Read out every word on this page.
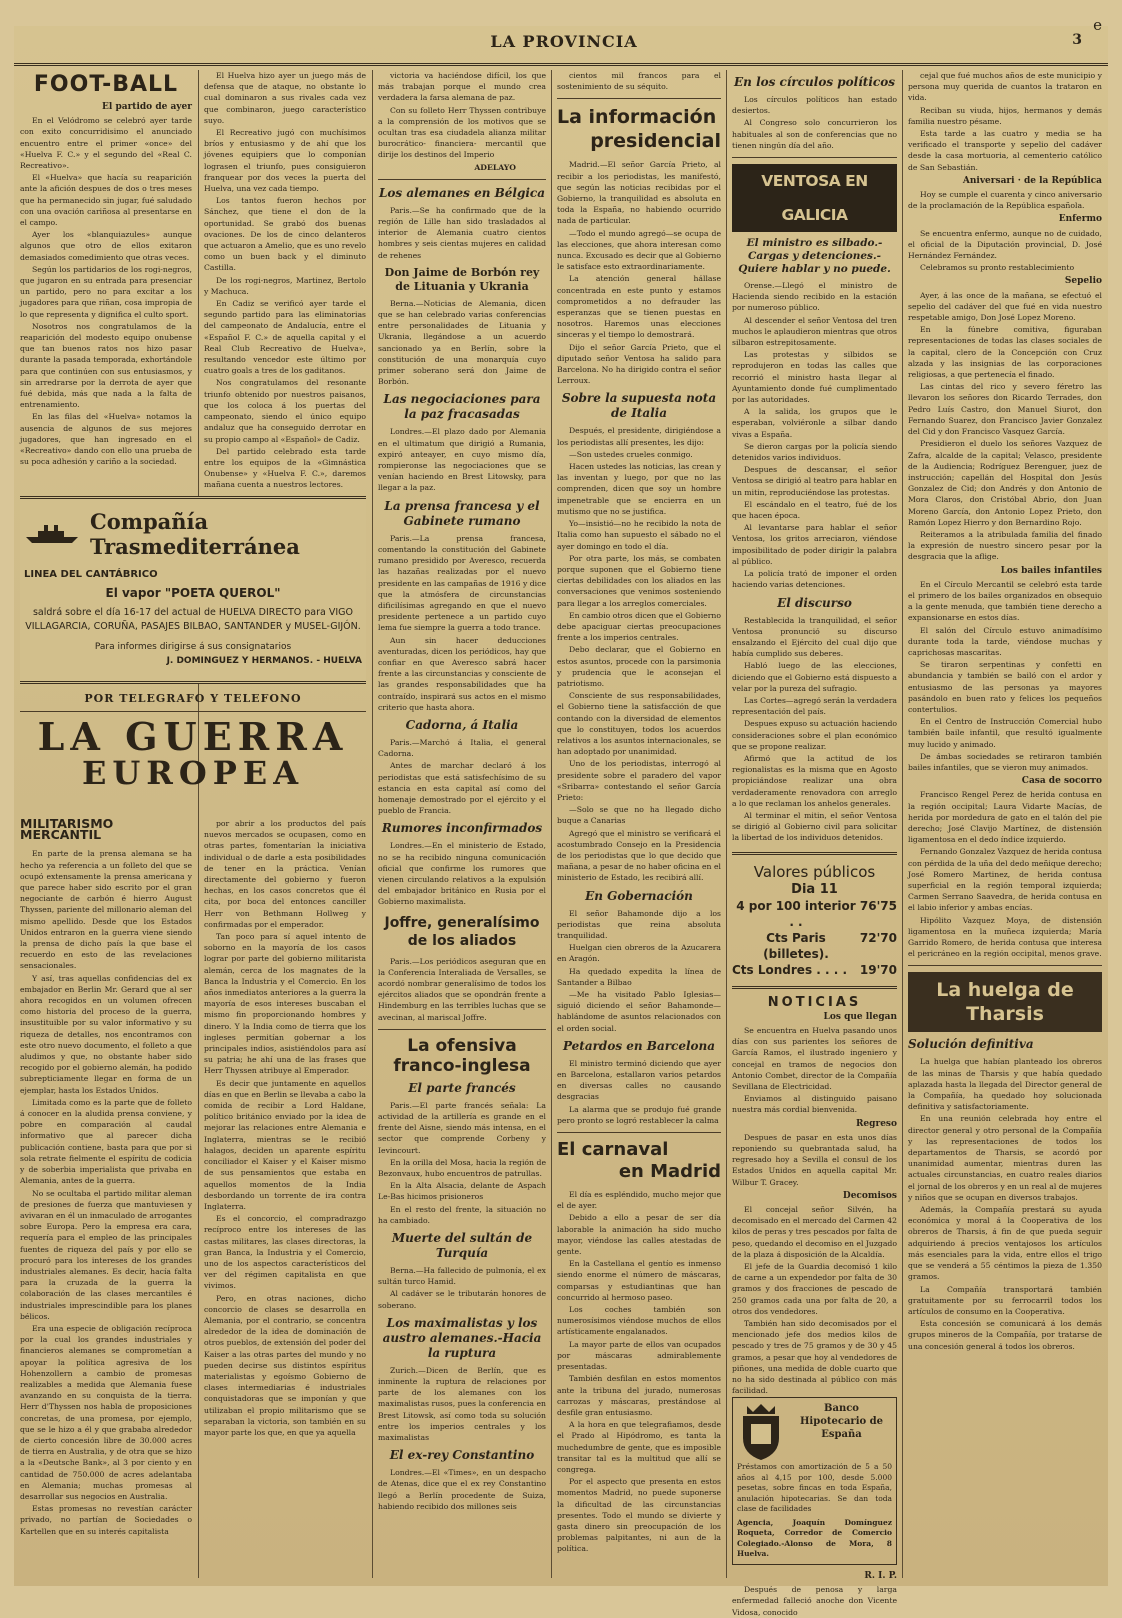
LA PROVINCIA	3
e
FOOT-BALL
El partido de ayer

En el Velódromo se celebró ayer tarde con exito concurridisimo el anunciado encuentro entre el primer «once» del «Huelva F. C.» y el segundo del «Real C. Recreativo».

El «Huelva» que hacía su reaparición ante la afición despues de dos o tres meses que ha permanecido sin jugar, fué saludado con una ovación cariñosa al presentarse en el campo.

Ayer los «blanquiazules» aunque algunos que otro de ellos exitaron demasiados comedimiento que otras veces.

Según los partidarios de los rogi-negros, que jugaron en su entrada para presenciar un partido, pero no para excitar a los jugadores para que riñan, cosa impropia de lo que representa y dignifica el culto sport.

Nosotros nos congratulamos de la reaparición del modesto equipo onubense que tan buenos ratos nos hizo pasar durante la pasada temporada, exhortándole para que continúen con sus entusiasmos, y sin arredrarse por la derrota de ayer que fué debida, más que nada a la falta de entrenamiento.

En las filas del «Huelva» notamos la ausencia de algunos de sus mejores jugadores, que han ingresado en el «Recreativo» dando con ello una prueba de su poca adhesión y cariño a la sociedad.

Compañía Trasmediterránea
LINEA DEL CANTÁBRICO
El vapor "POETA QUEROL"
saldrá sobre el día 16-17 del actual de HUELVA DIRECTO para VIGO VILLAGARCIA, CORUÑA, PASAJES BILBAO, SANTANDER y MUSEL-GIJÓN.
Para informes dirigirse á sus consignatarios
J. DOMINGUEZ Y HERMANOS. - HUELVA
POR TELEGRAFO Y TELEFONO
LA GUERRA
EUROPEA
MILITARISMO MERCANTIL

En parte de la prensa alemana se ha hecho ya referencia a un folleto del que se ocupó extensamente la prensa americana y que parece haber sido escrito por el gran negociante de carbón é hierro August Thyssen, pariente del millonario aleman del mismo apellido. Desde que los Estados Unidos entraron en la guerra viene siendo la prensa de dicho país la que base el recuerdo en esto de las revelaciones sensacionales.

Y así, tras aquellas confidencias del ex embajador en Berlin Mr. Gerard que al ser ahora recogidos en un volumen ofrecen como historia del proceso de la guerra, insustituible por su valor informativo y su riqueza de detalles, nos encontramos con este otro nuevo documento, el folleto a que aludimos y que, no obstante haber sido recogido por el gobierno alemán, ha podido subrepticiamente llegar en forma de un ejemplar, hasta los Estados Unidos.

Limitada como es la parte que de folleto á conocer en la aludida prensa conviene, y pobre en comparación al caudal informativo que al parecer dicha publicación contiene, basta para que por si sola retrate fielmente el espíritu de codicia y de soberbia imperialista que privaba en Alemania, antes de la guerra.

No se ocultaba el partido militar aleman de presiones de fuerza que mantuviesen y avivaran en él un inmaculado de arrogantes sobre Europa. Pero la empresa era cara, requería para el empleo de las principales fuentes de riqueza del país y por ello se procuró para los intereses de los grandes industriales alemanes. Es decir, hacía falta para la cruzada de la guerra la colaboración de las clases mercantiles é industriales imprescindible para los planes bélicos.

Era una especie de obligación recíproca por la cual los grandes industriales y financieros alemanes se comprometían a apoyar la política agresiva de los Hohenzollern a cambio de promesas realizables a medida que Alemania fuese avanzando en su conquista de la tierra. Herr d'Thyssen nos habla de proposiciones concretas, de una promesa, por ejemplo, que se le hizo a él y que grababa alrededor de cierto concesión libre de 30.000 acres de tierra en Australia, y de otra que se hizo a la «Deutsche Bank», al 3 por ciento y en cantidad de 750.000 de acres adelantaba en Alemania; muchas promesas al desarrollar sus negocios en Australia.

Estas promesas no revestían carácter privado, no partían de Sociedades o Kartellen que en su interés capitalista

El Huelva hizo ayer un juego más de defensa que de ataque, no obstante lo cual dominaron a sus rivales cada vez que combinaron, juego característico suyo.

El Recreativo jugó con muchísimos bríos y entusiasmo y de ahí que los jóvenes equipiers que lo componían lograsen el triunfo, pues consiguieron franquear por dos veces la puerta del Huelva, una vez cada tiempo.

Los tantos fueron hechos por Sánchez, que tiene el don de la oportunidad. Se grabó dos buenas ovaciones. De los de cinco delanteros que actuaron a Amelio, que es uno revelo como un buen back y el diminuto Castilla.

De los rogi-negros, Martinez, Bertolo y Machuca.

En Cadiz se verificó ayer tarde el segundo partido para las eliminatorias del campeonato de Andalucía, entre el «Español F. C.» de aquella capital y el Real Club Recreativo de Huelva», resultando vencedor este último por cuatro goals a tres de los gaditanos.

Nos congratulamos del resonante triunfo obtenido por nuestros paisanos, que los coloca á los puertas del campeonato, siendo el único equipo andaluz que ha conseguido derrotar en su propio campo al «Español» de Cadiz.

Del partido celebrado esta tarde entre los equipos de la «Gimnástica Onubense» y «Huelva F. C.», daremos mañana cuenta a nuestros lectores.

por abrir a los productos del país nuevos mercados se ocupasen, como en otras partes, fomentarían la iniciativa individual o de darle a esta posibilidades de tener en la práctica. Venían directamente del gobierno y fueron hechas, en los casos concretos que él cita, por boca del entonces canciller Herr von Bethmann Hollweg y confirmadas por el emperador.

Tan poco para sí aquel intento de soborno en la mayoría de los casos lograr por parte del gobierno militarista alemán, cerca de los magnates de la Banca la Industria y el Comercio. En los años inmediatos anteriores a la guerra la mayoría de esos intereses buscaban el mismo fin proporcionando hombres y dinero. Y la India como de tierra que los ingleses permitían gobernar a los principales indios, asistiéndolos para así su patria; he ahí una de las frases que Herr Thyssen atribuye al Emperador.

Es decir que juntamente en aquellos días en que en Berlin se llevaba a cabo la comida de recibir a Lord Haldane, político británico enviado por la idea de mejorar las relaciones entre Alemania e Inglaterra, mientras se le recibió halagos, deciden un aparente espíritu conciliador el Kaiser y el Kaiser mismo de sus pensamientos que estaba en aquellos momentos de la India desbordando un torrente de ira contra Inglaterra.

Es el concorcio, el compradrazgo recíproco entre los intereses de las castas militares, las clases directoras, la gran Banca, la Industria y el Comercio, uno de los aspectos característicos del ver del régimen capitalista en que vivimos.

Pero, en otras naciones, dicho concorcio de clases se desarrolla en Alemania, por el contrario, se concentra alrededor de la idea de dominación de otros pueblos, de extensión del poder del Kaiser a las otras partes del mundo y no pueden decirse sus distintos espíritus materialistas y egoísmo Gobierno de clases intermediarias é industriales conquistadoras que se imponían y que utilizaban el propio militarismo que se separaban la victoria, son también en su mayor parte los que, en que ya aquella

victoria va haciéndose difícil, los que más trabajan porque el mundo crea verdadera la farsa alemana de paz.

Con su folleto Herr Thyssen contribuye a la comprensión de los motivos que se ocultan tras esa ciudadela alianza militar burocrático- financiera- mercantil que dirije los destinos del Imperio

ADELAYO
Los alemanes en Bélgica

Paris.—Se ha confirmado que de la región de Lille han sido trasladados al interior de Alemania cuatro cientos hombres y seis cientas mujeres en calidad de rehenes

Don Jaime de Borbón rey de Lituania y Ukrania

Berna.—Noticias de Alemania, dicen que se han celebrado varias conferencias entre personalidades de Lituania y Ukrania, llegándose a un acuerdo sancionado ya en Berlín, sobre la constitución de una monarquía cuyo primer soberano será don Jaime de Borbón.

Las negociaciones para la paz fracasadas

Londres.—El plazo dado por Alemania en el ultimatum que dirigió a Rumania, expiró anteayer, en cuyo mismo día, rompieronse las negociaciones que se venían haciendo en Brest Litowsky, para llegar a la paz.

La prensa francesa y el Gabinete rumano

Paris.—La prensa francesa, comentando la constitución del Gabinete rumano presidido por Averesco, recuerda las hazañas realizadas por el nuevo presidente en las campañas de 1916 y dice que la atmósfera de circunstancias dificilísimas agregando en que el nuevo presidente pertenece a un partido cuyo lema fue siempre la guerra a todo trance.

Aun sin hacer deducciones aventuradas, dicen los periódicos, hay que confiar en que Averesco sabrá hacer frente a las circunstancias y consciente de las grandes responsabilidades que ha contraído, inspirará sus actos en el mismo criterio que hasta ahora.

Cadorna, á Italia

Paris.—Marchó á Italia, el general Cadorna.

Antes de marchar declaró á los periodistas que está satisfechísimo de su estancia en esta capital así como del homenaje demostrado por el ejército y el pueblo de Francia.

Rumores inconfirmados

Londres.—En el ministerio de Estado, no se ha recibido ninguna comunicación oficial que confirme los rumores que vienen circulando relativos a la expulsión del embajador británico en Rusia por el Gobierno maximalista.

Joffre, generalísimo de los aliados

Paris.—Los periódicos aseguran que en la Conferencia Interaliada de Versalles, se acordó nombrar generalísimo de todos los ejércitos aliados que se opondrán frente a Hindemburg en las terribles luchas que se avecinan, al mariscal Joffre.

La ofensiva franco-inglesa
El parte francés

Paris.—El parte francés señala: La actividad de la artillería es grande en el frente del Aisne, siendo más intensa, en el sector que comprende Corbeny y Ievincourt.

En la orilla del Mosa, hacia la región de Bezonvaux, hubo encuentros de patrullas.

En la Alta Alsacia, delante de Aspach Le-Bas hicimos prisioneros

En el resto del frente, la situación no ha cambiado.

Muerte del sultán de Turquía

Berna.—Ha fallecido de pulmonía, el ex sultán turco Hamid.

Al cadáver se le tributarán honores de soberano.

Los maximalistas y los austro alemanes.-Hacia la ruptura

Zurich.—Dicen de Berlín, que es inminente la ruptura de relaciones por parte de los alemanes con los maximalistas rusos, pues la conferencia en Brest Litowsk, así como toda su solución entre los imperios centrales y los maximalistas

El ex-rey Constantino

Londres.—El «Times», en un despacho de Atenas, dice que el ex rey Constantino llegó a Berlín procedente de Suiza, habiendo recibido dos millones seis

cientos mil francos para el sostenimiento de su séquito.

La información
presidencial

Madrid.—El señor García Prieto, al recibir a los periodistas, les manifestó, que según las noticias recibidas por el Gobierno, la tranquilidad es absoluta en toda la España, no habiendo ocurrido nada de particular.

—Todo el mundo agregó—se ocupa de las elecciones, que ahora interesan como nunca. Excusado es decir que al Gobierno le satisface esto extraordinariamente.

La atención general hállase concentrada en este punto y estamos comprometidos a no defrauder las esperanzas que se tienen puestas en nosotros. Haremos unas elecciones sinceras y el tiempo lo demostrará.

Dijo el señor García Prieto, que el diputado señor Ventosa ha salido para Barcelona. No ha dirigido contra el señor Lerroux.

Sobre la supuesta nota de Italia

Después, el presidente, dirigiéndose a los periodistas allí presentes, les dijo:

—Son ustedes crueles conmigo.

Hacen ustedes las noticias, las crean y las inventan y luego, por que no las comprenden, dicen que soy un hombre impenetrable que se encierra en un mutismo que no se justifica.

Yo—insistió—no he recibido la nota de Italia como han supuesto el sábado no el ayer domingo en todo el día.

Por otra parte, los más, se combaten porque suponen que el Gobierno tiene ciertas debilidades con los aliados en las conversaciones que venimos sosteniendo para llegar a los arreglos comerciales.

En cambio otros dicen que el Gobierno debe apaciguar ciertas preocupaciones frente a los imperios centrales.

Debo declarar, que el Gobierno en estos asuntos, procede con la parsimonia y prudencia que le aconsejan el patriotismo.

Consciente de sus responsabilidades, el Gobierno tiene la satisfacción de que contando con la diversidad de elementos que lo constituyen, todos los acuerdos relativos a los asuntos internacionales, se han adoptado por unanimidad.

Uno de los periodistas, interrogó al presidente sobre el paradero del vapor «Sribarra» contestando el señor García Prieto:

—Solo se que no ha llegado dicho buque a Canarias

Agregó que el ministro se verificará el acostumbrado Consejo en la Presidencia de los periodistas que lo que decido que mañana, a pesar de no haber oficina en el ministerio de Estado, les recibirá allí.

En Gobernación

El señor Bahamonde dijo a los periodistas que reina absoluta tranquilidad.

Huelgan cien obreros de la Azucarera en Aragón.

Ha quedado expedita la línea de Santander a Bilbao

—Me ha visitado Pablo Iglesias—siguió diciendo el señor Bahamonde—hablándome de asuntos relacionados con el orden social.

Petardos en Barcelona

El ministro terminó diciendo que ayer en Barcelona, estallaron varios petardos en diversas calles no causando desgracias

La alarma que se produjo fué grande pero pronto se logró restablecer la calma

El carnaval
en Madrid

El día es espléndido, mucho mejor que el de ayer.

Debido a ello a pesar de ser día laborable la animación ha sido mucho mayor, viéndose las calles atestadas de gente.

En la Castellana el gentío es inmenso siendo enorme el número de máscaras, comparsas y estudiantinas que han concurrido al hermoso paseo.

Los coches también son numerosísimos viéndose muchos de ellos artísticamente engalanados.

La mayor parte de ellos van ocupados por máscaras admirablemente presentadas.

También desfilan en estos momentos ante la tribuna del jurado, numerosas carrozas y máscaras, prestándose al desfile gran entusiasmo.

A la hora en que telegrafiamos, desde el Prado al Hipódromo, es tanta la muchedumbre de gente, que es imposible transitar tal es la multitud que allí se congrega.

Por el aspecto que presenta en estos momentos Madrid, no puede suponerse la dificultad de las circunstancias presentes. Todo el mundo se divierte y gasta dinero sin preocupación de los problemas palpitantes, ni aun de la política.

En los círculos políticos

Los círculos políticos han estado desiertos.

Al Congreso solo concurrieron los habituales al son de conferencias que no tienen ningún día del año.

VENTOSA EN GALICIA
El ministro es silbado.-Cargas y detenciones.-Quiere hablar y no puede.

Orense.—Llegó el ministro de Hacienda siendo recibido en la estación por numeroso público.

Al descender el señor Ventosa del tren muchos le aplaudieron mientras que otros silbaron estrepitosamente.

Las protestas y silbidos se reprodujeron en todas las calles que recorrió el ministro hasta llegar al Ayuntamiento donde fué cumplimentado por las autoridades.

A la salida, los grupos que le esperaban, volviéronle a silbar dando vivas a España.

Se dieron cargas por la policía siendo detenidos varios individuos.

Despues de descansar, el señor Ventosa se dirigió al teatro para hablar en un mitin, reproduciéndose las protestas.

El escándalo en el teatro, fué de los que hacen época.

Al levantarse para hablar el señor Ventosa, los gritos arreciaron, viéndose imposibilitado de poder dirigir la palabra al público.

La policía trató de imponer el orden haciendo varias detenciones.

El discurso

Restablecida la tranquilidad, el señor Ventosa pronunció su discurso ensalzando el Ejército del cual dijo que había cumplido sus deberes.

Habló luego de las elecciones, diciendo que el Gobierno está dispuesto a velar por la pureza del sufragio.

Las Cortes—agregó serán la verdadera representación del país.

Despues expuso su actuación haciendo consideraciones sobre el plan económico que se propone realizar.

Afirmó que la actitud de los regionalistas es la misma que en Agosto propiciándose realizar una obra verdaderamente renovadora con arreglo a lo que reclaman los anhelos generales.

Al terminar el mitin, el señor Ventosa se dirigió al Gobierno civil para solicitar la libertad de los individuos detenidos.

Valores públicos
Dia 11
4 por 100 interior . .
76'75
Cts Paris (billetes).
72'70
Cts Londres . . . . 19'70
NOTICIAS
Los que llegan

Se encuentra en Huelva pasando unos días con sus parientes los señores de García Ramos, el ilustrado ingeniero y concejal en tramos de negocios don Antonio Combet, director de la Compañía Sevillana de Electricidad.

Enviamos al distinguido paisano nuestra más cordial bienvenida.

Regreso

Despues de pasar en esta unos días reponiendo su quebrantada salud, ha regresado hoy a Sevilla el consul de los Estados Unidos en aquella capital Mr. Wilbur T. Gracey.

Decomisos

El concejal señor Silvén, ha decomisado en el mercado del Carmen 42 kilos de peras y tres pescados por falta de peso, quedando el decomiso en el Juzgado de la plaza á disposición de la Alcaldía.

El jefe de la Guardia decomisó 1 kilo de carne a un expendedor por falta de 30 gramos y dos fracciones de pescado de 250 gramos cada una por falta de 20, a otros dos vendedores.

También han sido decomisados por el mencionado jefe dos medios kilos de pescado y tres de 75 gramos y de 30 y 45 gramos, a pesar que hoy al vendedores de piñones, una medida de doble cuarto que no ha sido destinada al público con más facilidad.

Banco Hipotecario de España
Préstamos con amortización de 5 a 50 años al 4,15 por 100, desde 5.000 pesetas, sobre fincas en toda España, anulación hipotecarias. Se dan toda clase de facilidades
Agencia, Joaquín Domínguez Roqueta, Corredor de Comercio Colegiado.-Alonso de Mora, 8 Huelva.
R. I. P.

Después de penosa y larga enfermedad falleció anoche don Vicente Vidosa, conocido

cejal que fué muchos años de este municipio y persona muy querida de cuantos la trataron en vida.

Reciban su viuda, hijos, hermanos y demás familia nuestro pésame.

Esta tarde a las cuatro y media se ha verificado el transporte y sepelio del cadáver desde la casa mortuoria, al cementerio católico de San Sebastián.

Aniversari · de la República

Hoy se cumple el cuarenta y cinco aniversario de la proclamación de la República española.

Enfermo

Se encuentra enfermo, aunque no de cuidado, el oficial de la Diputación provincial, D. José Hernández Fernández.

Celebramos su pronto restablecimiento

Sepelio

Ayer, á las once de la mañana, se efectuó el sepelio del cadáver del que fué en vida nuestro respetable amigo, Don José Lopez Moreno.

En la fúnebre comitiva, figuraban representaciones de todas las clases sociales de la capital, clero de la Concepción con Cruz alzada y las insignias de las corporaciones religiosas, a que pertenecía el finado.

Las cintas del rico y severo féretro las llevaron los señores don Ricardo Terrades, don Pedro Luís Castro, don Manuel Siurot, don Fernando Suarez, don Francisco Javier Gonzalez del Cid y don Francisco Vasquez García.

Presidieron el duelo los señores Vazquez de Zafra, alcalde de la capital; Velasco, presidente de la Audiencia; Rodríguez Berenguer, juez de instrucción; capellán del Hospital don Jesús Gonzalez de Cid; don Andrés y don Antonio de Mora Claros, don Cristóbal Abrio, don Juan Moreno García, don Antonio Lopez Prieto, don Ramón Lopez Hierro y don Bernardino Rojo.

Reiteramos a la atribulada familia del finado la expresión de nuestro sincero pesar por la desgracia que la aflige.

Los bailes infantiles

En el Círculo Mercantil se celebró esta tarde el primero de los bailes organizados en obsequio a la gente menuda, que también tiene derecho a expansionarse en estos días.

El salón del Círculo estuvo animadísimo durante toda la tarde, viéndose muchas y caprichosas mascaritas.

Se tiraron serpentinas y confetti en abundancia y también se bailó con el ardor y entusiasmo de las personas ya mayores pasándolo en buen rato y felices los pequeños contertulios.

En el Centro de Instrucción Comercial hubo también baile infantil, que resultó igualmente muy lucido y animado.

De ámbas sociedades se retiraron también bailes infantiles, que se vieron muy animados.

Casa de socorro

Francisco Rengel Perez de herida contusa en la región occipital; Laura Vidarte Macías, de herida por mordedura de gato en el talón del pie derecho; José Clavijo Martínez, de distensión ligamentosa en el dedo índice izquierdo.

Fernando Gonzalez Vazquez de herida contusa con pérdida de la uña del dedo meñique derecho; José Romero Martinez, de herida contusa superficial en la región temporal izquierda; Carmen Serrano Saavedra, de herida contusa en el labio inferior y ambas encías.

Hipólito Vazquez Moya, de distensión ligamentosa en la muñeca izquierda; María Garrido Romero, de herida contusa que interesa el pericráneo en la región occipital, menos grave.

La huelga de Tharsis
Solución definitiva

La huelga que habían planteado los obreros de las minas de Tharsis y que había quedado aplazada hasta la llegada del Director general de la Compañía, ha quedado hoy solucionada definitiva y satisfactoriamente.

En una reunión celebrada hoy entre el director general y otro personal de la Compañía y las representaciones de todos los departamentos de Tharsis, se acordó por unanimidad aumentar, mientras duren las actuales circunstancias, en cuatro reales diarios el jornal de los obreros y en un real al de mujeres y niños que se ocupan en diversos trabajos.

Además, la Compañía prestará su ayuda económica y moral á la Cooperativa de los obreros de Tharsis, á fin de que pueda seguir adquiriendo á precios ventajosos los artículos más esenciales para la vida, entre ellos el trigo que se venderá a 55 céntimos la pieza de 1.350 gramos.

La Compañía transportará también gratuitamente por su ferrocarril todos los artículos de consumo en la Cooperativa.

Esta concesión se comunicará á los demás grupos mineros de la Compañía, por tratarse de una concesión general á todos los obreros.
